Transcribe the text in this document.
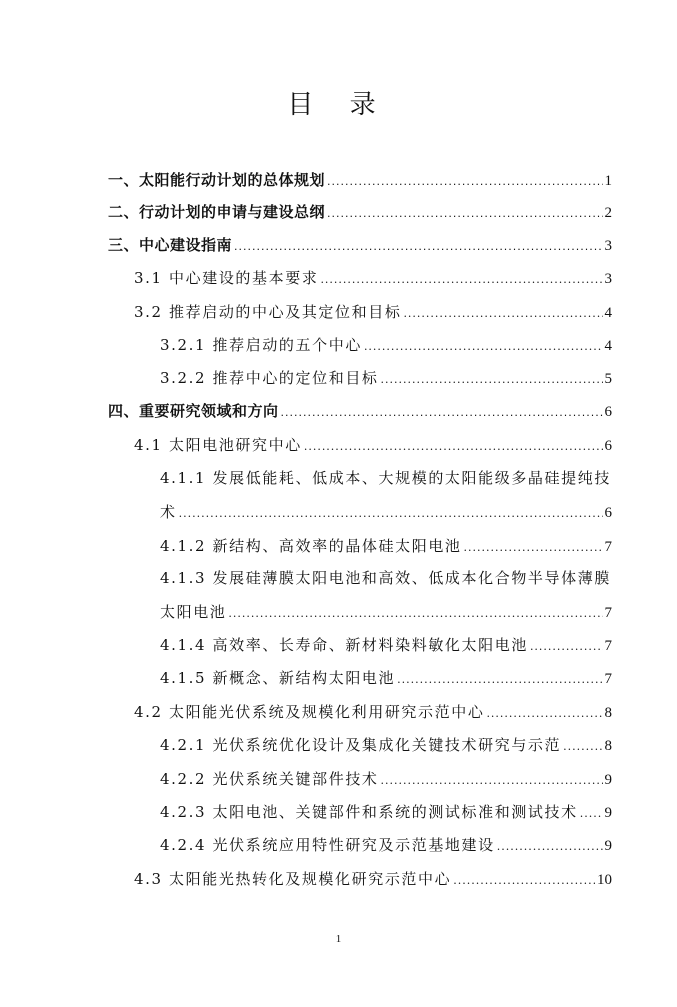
目 录
一、太阳能行动计划的总体规划 .....	1
二、行动计划的申请与建设总纲 .....	2
三、中心建设指南 .....	3
3.1 中心建设的基本要求 .....	3
3.2 推荐启动的中心及其定位和目标 .....	4
3.2.1 推荐启动的五个中心 .....	4
3.2.2 推荐中心的定位和目标 .....	5
四、重要研究领域和方向 .....	6
4.1 太阳电池研究中心 .....	6
4.1.1 发展低能耗、低成本、大规模的太阳能级多晶硅提纯技
术 .....	6
4.1.2 新结构、高效率的晶体硅太阳电池 .....	7
4.1.3 发展硅薄膜太阳电池和高效、低成本化合物半导体薄膜
太阳电池 .....	7
4.1.4 高效率、长寿命、新材料染料敏化太阳电池 .....	7
4.1.5 新概念、新结构太阳电池 .....	7
4.2 太阳能光伏系统及规模化利用研究示范中心 .....	8
4.2.1 光伏系统优化设计及集成化关键技术研究与示范 .....	8
4.2.2 光伏系统关键部件技术 .....	9
4.2.3 太阳电池、关键部件和系统的测试标准和测试技术 ..... 9
4.2.4 光伏系统应用特性研究及示范基地建设 .....	9
4.3 太阳能光热转化及规模化研究示范中心 .....	10
1
